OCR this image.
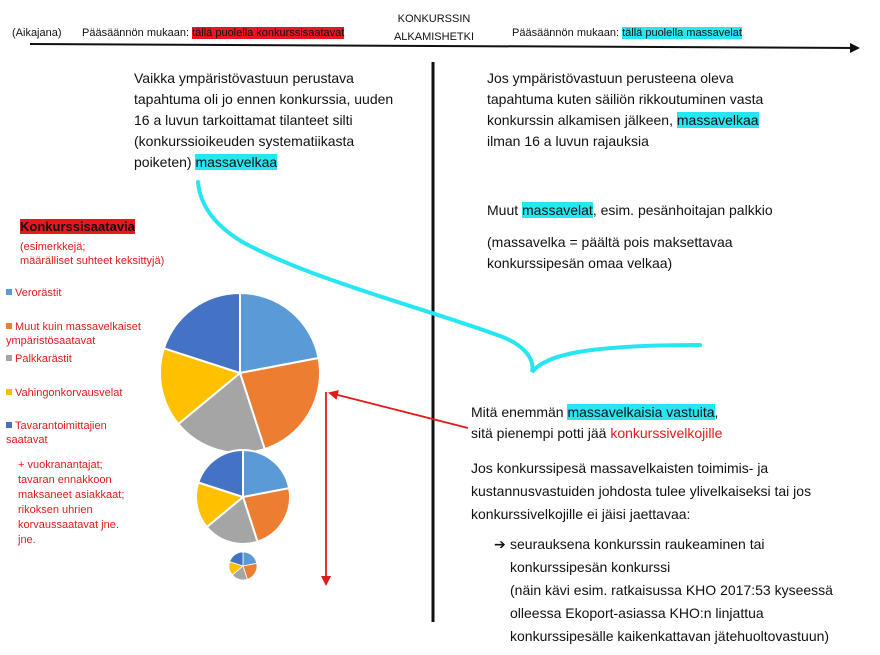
(Aikajana) Pääsäännön mukaan: tällä puolella konkurssisaatavat
KONKURSSIN
ALKAMISHETKI	Pääsäännön mukaan: tällä puolella massavelat
Vaikka ympäristövastuun perustava
tapahtuma oli jo ennen konkurssia, uuden
16 a luvun tarkoittamat tilanteet silti
(konkurssioikeuden systematiikasta
poiketen) massavelkaa
Jos ympäristövastuun perusteena oleva
tapahtuma kuten säiliön rikkoutuminen vasta
konkurssin alkamisen jälkeen, massavelkaa
ilman 16 a luvun rajauksia
Muut massavelat, esim. pesänhoitajan palkkio
(massavelka = päältä pois maksettavaa
konkurssipesän omaa velkaa)
Konkurssisaatavia
(esimerkkejä;
määrälliset suhteet keksittyjä)
Verorästit
Muut kuin massavelkaiset ympäristösaatavat
Palkkarästit
Vahingonkorvausvelat
Tavarantoimittajien saatavat
+ vuokranantajat;
tavaran ennakkoon
maksaneet asiakkaat;
rikoksen uhrien
korvaussaatavat jne.
jne.
Mitä enemmän massavelkaisia vastuita,
sitä pienempi potti jää konkurssivelkojille
Jos konkurssipesä massavelkaisten toimimis- ja
kustannusvastuiden johdosta tulee ylivelkaiseksi tai jos
konkurssivelkojille ei jäisi jaettavaa:
➔ seurauksena konkurssin raukeaminen tai
konkurssipesän konkurssi
(näin kävi esim. ratkaisussa KHO 2017:53 kyseessä
olleessa Ekoport-asiassa KHO:n linjattua
konkurssipesälle kaikenkattavan jätehuoltovastuun)
